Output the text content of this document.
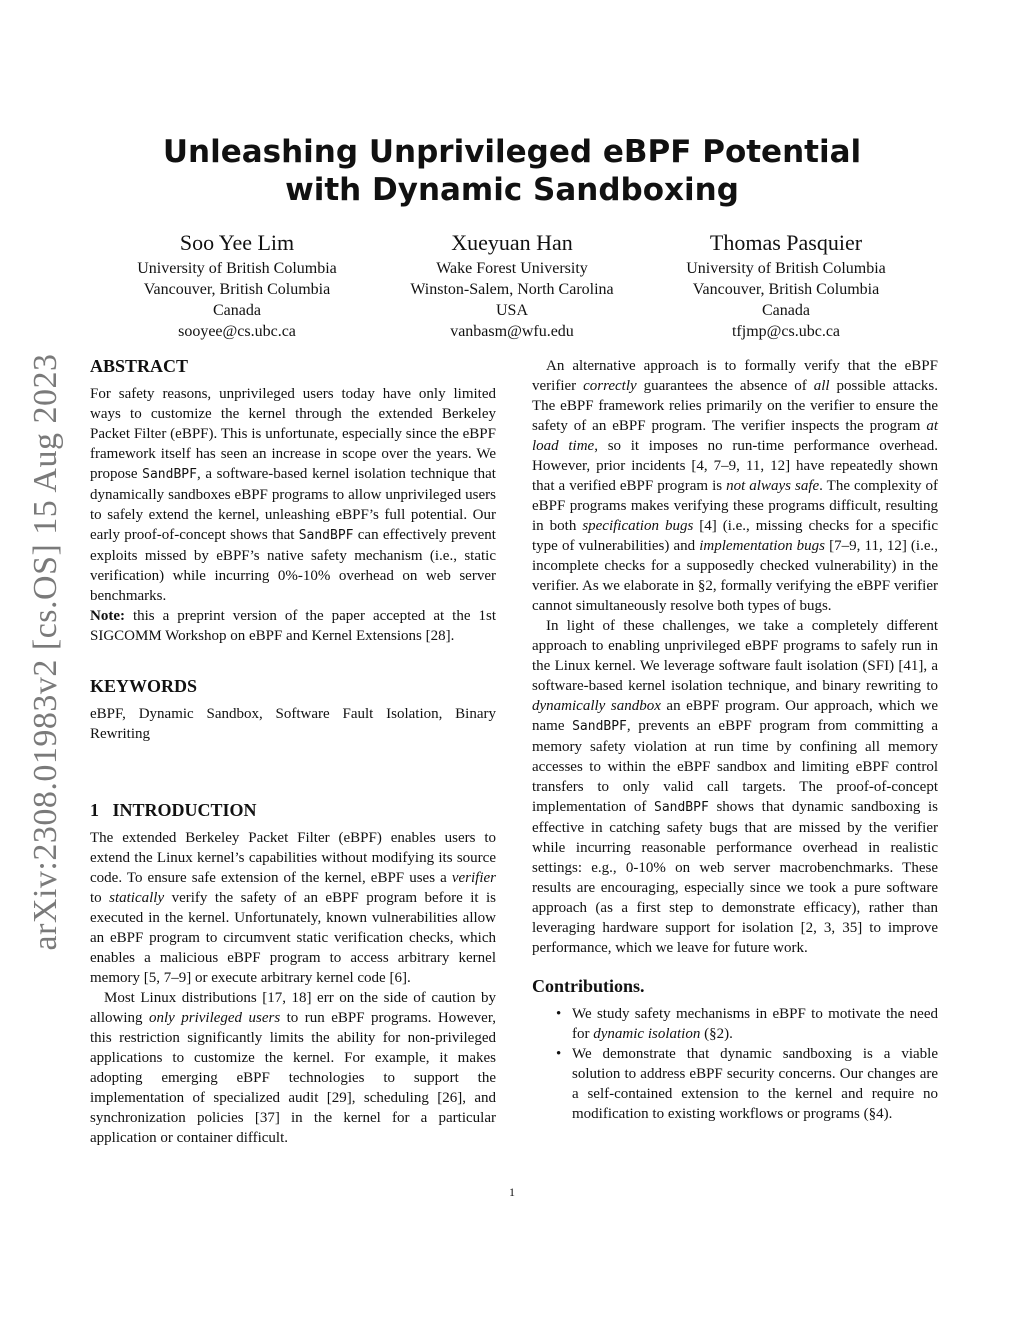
Unleashing Unprivileged eBPF Potential
with Dynamic Sandboxing
Soo Yee Lim
University of British Columbia
Vancouver, British Columbia
Canada
sooyee@cs.ubc.ca
Xueyuan Han
Wake Forest University
Winston-Salem, North Carolina
USA
vanbasm@wfu.edu
Thomas Pasquier
University of British Columbia
Vancouver, British Columbia
Canada
tfjmp@cs.ubc.ca
arXiv:2308.01983v2 [cs.OS] 15 Aug 2023 ABSTRACT

For safety reasons, unprivileged users today have only limited ways to customize the kernel through the extended Berkeley Packet Filter (eBPF). This is unfortunate, especially since the eBPF framework itself has seen an increase in scope over the years. We propose SandBPF, a software-based kernel isolation technique that dynamically sandboxes eBPF programs to allow unprivileged users to safely extend the kernel, unleashing eBPF’s full potential. Our early proof-of-concept shows that SandBPF can effectively prevent exploits missed by eBPF’s native safety mechanism (i.e., static verification) while incurring 0%-10% overhead on web server benchmarks.

Note: this a preprint version of the paper accepted at the 1st SIGCOMM Workshop on eBPF and Kernel Extensions [28].

KEYWORDS

eBPF, Dynamic Sandbox, Software Fault Isolation, Binary Rewriting

1   INTRODUCTION

The extended Berkeley Packet Filter (eBPF) enables users to extend the Linux kernel’s capabilities without modifying its source code. To ensure safe extension of the kernel, eBPF uses a verifier to statically verify the safety of an eBPF program before it is executed in the kernel. Unfortunately, known vulnerabilities allow an eBPF program to circumvent static verification checks, which enables a malicious eBPF program to access arbitrary kernel memory [5, 7–9] or execute arbitrary kernel code [6].

Most Linux distributions [17, 18] err on the side of caution by allowing only privileged users to run eBPF programs. However, this restriction significantly limits the ability for non-privileged applications to customize the kernel. For example, it makes adopting emerging eBPF technologies to support the implementation of specialized audit [29], scheduling [26], and synchronization policies [37] in the kernel for a particular application or container difficult.

An alternative approach is to formally verify that the eBPF verifier correctly guarantees the absence of all possible attacks. The eBPF framework relies primarily on the verifier to ensure the safety of an eBPF program. The verifier inspects the program at load time, so it imposes no run-time performance overhead. However, prior incidents [4, 7–9, 11, 12] have repeatedly shown that a verified eBPF program is not always safe. The complexity of eBPF programs makes verifying these programs difficult, resulting in both specification bugs [4] (i.e., missing checks for a specific type of vulnerabilities) and implementation bugs [7–9, 11, 12] (i.e., incomplete checks for a supposedly checked vulnerability) in the verifier. As we elaborate in §2, formally verifying the eBPF verifier cannot simultaneously resolve both types of bugs.

In light of these challenges, we take a completely different approach to enabling unprivileged eBPF programs to safely run in the Linux kernel. We leverage software fault isolation (SFI) [41], a software-based kernel isolation technique, and binary rewriting to dynamically sandbox an eBPF program. Our approach, which we name SandBPF, prevents an eBPF program from committing a memory safety violation at run time by confining all memory accesses to within the eBPF sandbox and limiting eBPF control transfers to only valid call targets. The proof-of-concept implementation of SandBPF shows that dynamic sandboxing is effective in catching safety bugs that are missed by the verifier while incurring reasonable performance overhead in realistic settings: e.g., 0-10% on web server macrobenchmarks. These results are encouraging, especially since we took a pure software approach (as a first step to demonstrate efficacy), rather than leveraging hardware support for isolation [2, 3, 35] to improve performance, which we leave for future work.

Contributions.
• We study safety mechanisms in eBPF to motivate the need for dynamic isolation (§2).
• We demonstrate that dynamic sandboxing is a viable solution to address eBPF security concerns. Our changes are a self-contained extension to the kernel and require no modification to existing workflows or programs (§4).
1
